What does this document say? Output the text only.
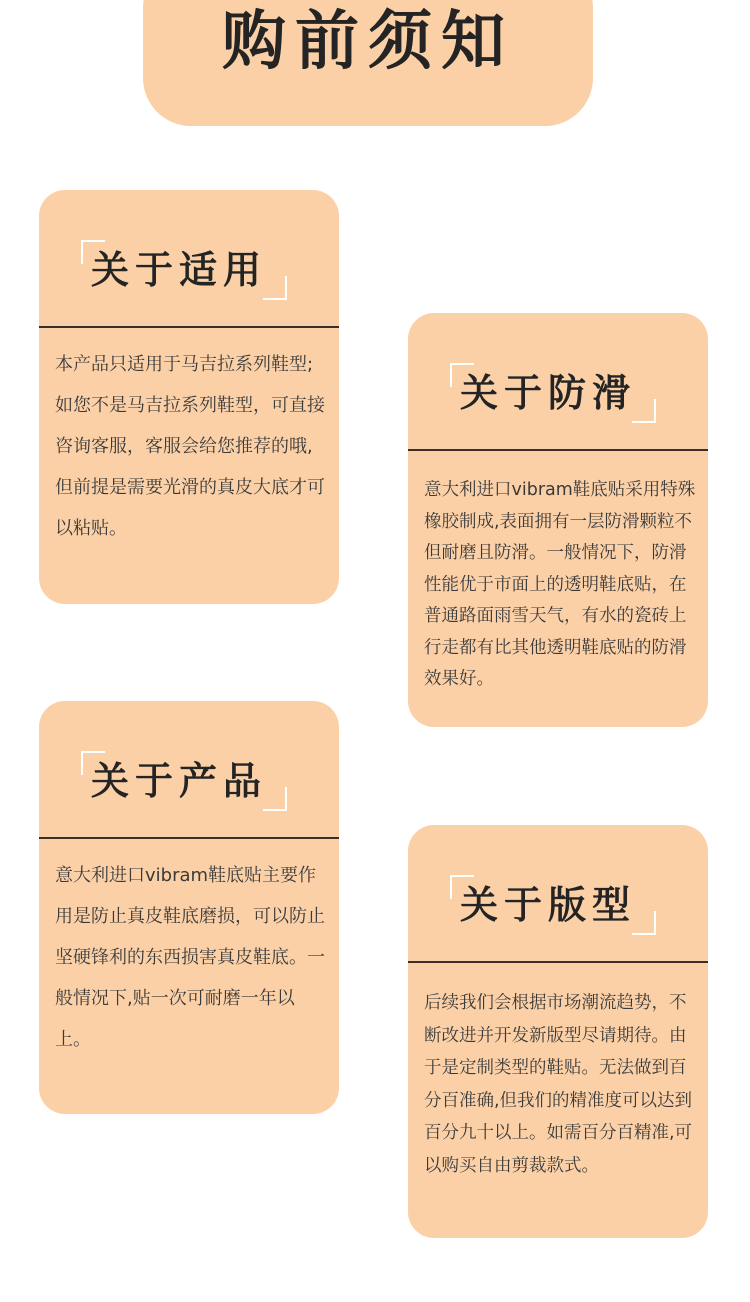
购前须知
关于适用
本产品只适用于马吉拉系列鞋型;如您不是马吉拉系列鞋型，可直接咨询客服，客服会给您推荐的哦,但前提是需要光滑的真皮大底才可以粘贴。
关于防滑
意大利进口vibram鞋底贴采用特殊橡胶制成,表面拥有一层防滑颗粒不但耐磨且防滑。一般情况下，防滑性能优于市面上的透明鞋底贴，在普通路面雨雪天气，有水的瓷砖上行走都有比其他透明鞋底贴的防滑效果好。
关于产品
意大利进口vibram鞋底贴主要作用是防止真皮鞋底磨损，可以防止坚硬锋利的东西损害真皮鞋底。一般情况下,贴一次可耐磨一年以上。
关于版型
后续我们会根据市场潮流趋势，不断改进并开发新版型尽请期待。由于是定制类型的鞋贴。无法做到百分百准确,但我们的精准度可以达到百分九十以上。如需百分百精准,可以购买自由剪裁款式。
